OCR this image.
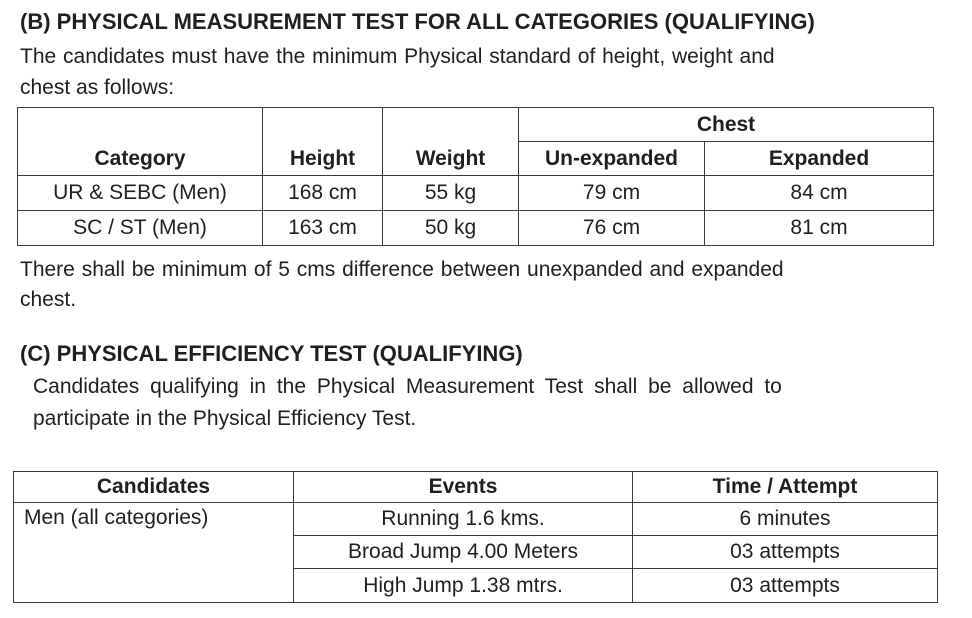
(B) PHYSICAL MEASUREMENT TEST FOR ALL CATEGORIES (QUALIFYING)
The candidates must have the minimum Physical standard of height, weight and
chest as follows:
Category	Height	Weight	Chest	
			Un-expanded	Expanded
UR & SEBC (Men)	168 cm	55 kg	79 cm	84 cm
SC / ST (Men)	163 cm	50 kg	76 cm	81 cm
There shall be minimum of 5 cms difference between unexpanded and expanded
chest.
(C) PHYSICAL EFFICIENCY TEST (QUALIFYING)
Candidates qualifying in the Physical Measurement Test shall be allowed to
participate in the Physical Efficiency Test.
Candidates	Events	Time / Attempt
Men (all categories)	Running 1.6 kms.	6 minutes
	Broad Jump 4.00 Meters	03 attempts
	High Jump 1.38 mtrs.	03 attempts
